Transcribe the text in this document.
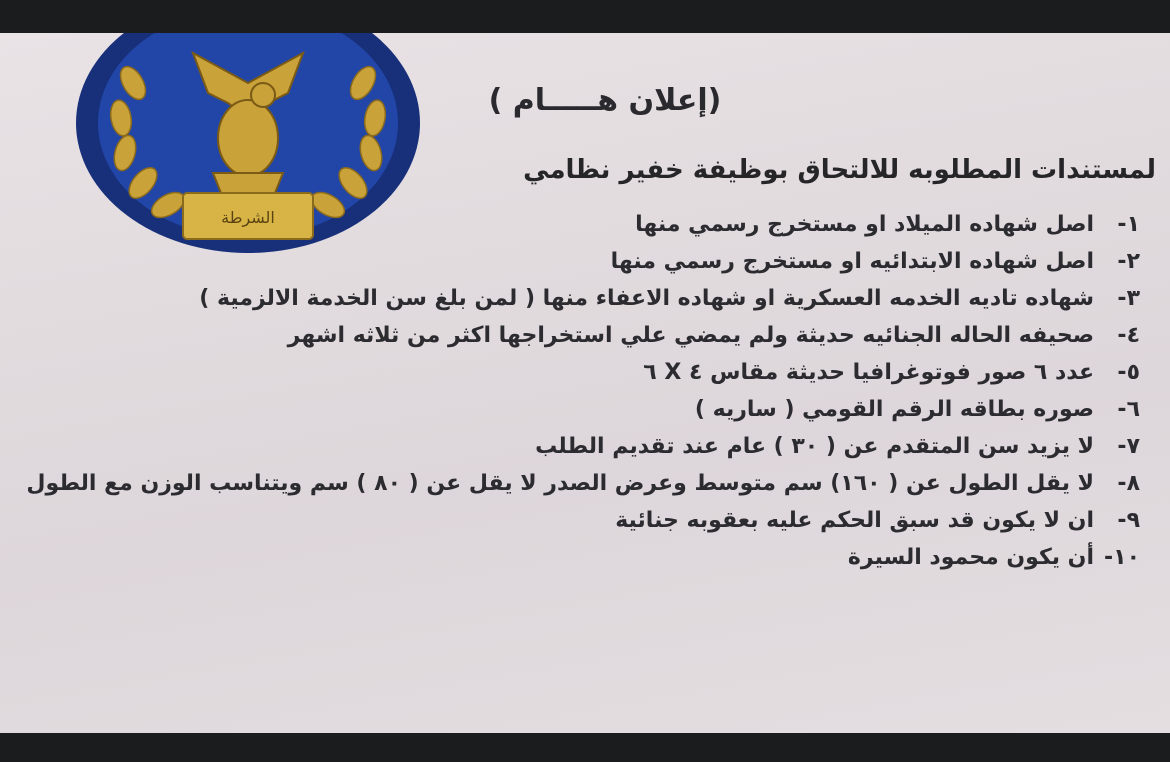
الشرطة
(إعلان هـــــام )
لمستندات المطلوبه للالتحاق بوظيفة خفير نظامي
١-
اصل شهاده الميلاد او مستخرج رسمي منها
٢-
اصل شهاده الابتدائيه او مستخرج رسمي منها
٣-
شهاده تاديه الخدمه العسكرية او شهاده الاعفاء منها ( لمن بلغ سن الخدمة الالزمية )
٤-
صحيفه الحاله الجنائيه حديثة ولم يمضي علي استخراجها اكثر من ثلاثه اشهر
٥-
عدد ٦ صور فوتوغرافيا حديثة مقاس ٤ X ٦
٦-
صوره بطاقه الرقم القومي ( ساريه )
٧-
لا يزيد سن المتقدم عن ( ٣٠ ) عام عند تقديم الطلب
٨-
لا يقل الطول عن ( ١٦٠) سم متوسط وعرض الصدر لا يقل عن ( ٨٠ ) سم ويتناسب الوزن مع الطول
٩-
ان لا يكون قد سبق الحكم عليه بعقوبه جنائية
١٠-
أن يكون محمود السيرة
